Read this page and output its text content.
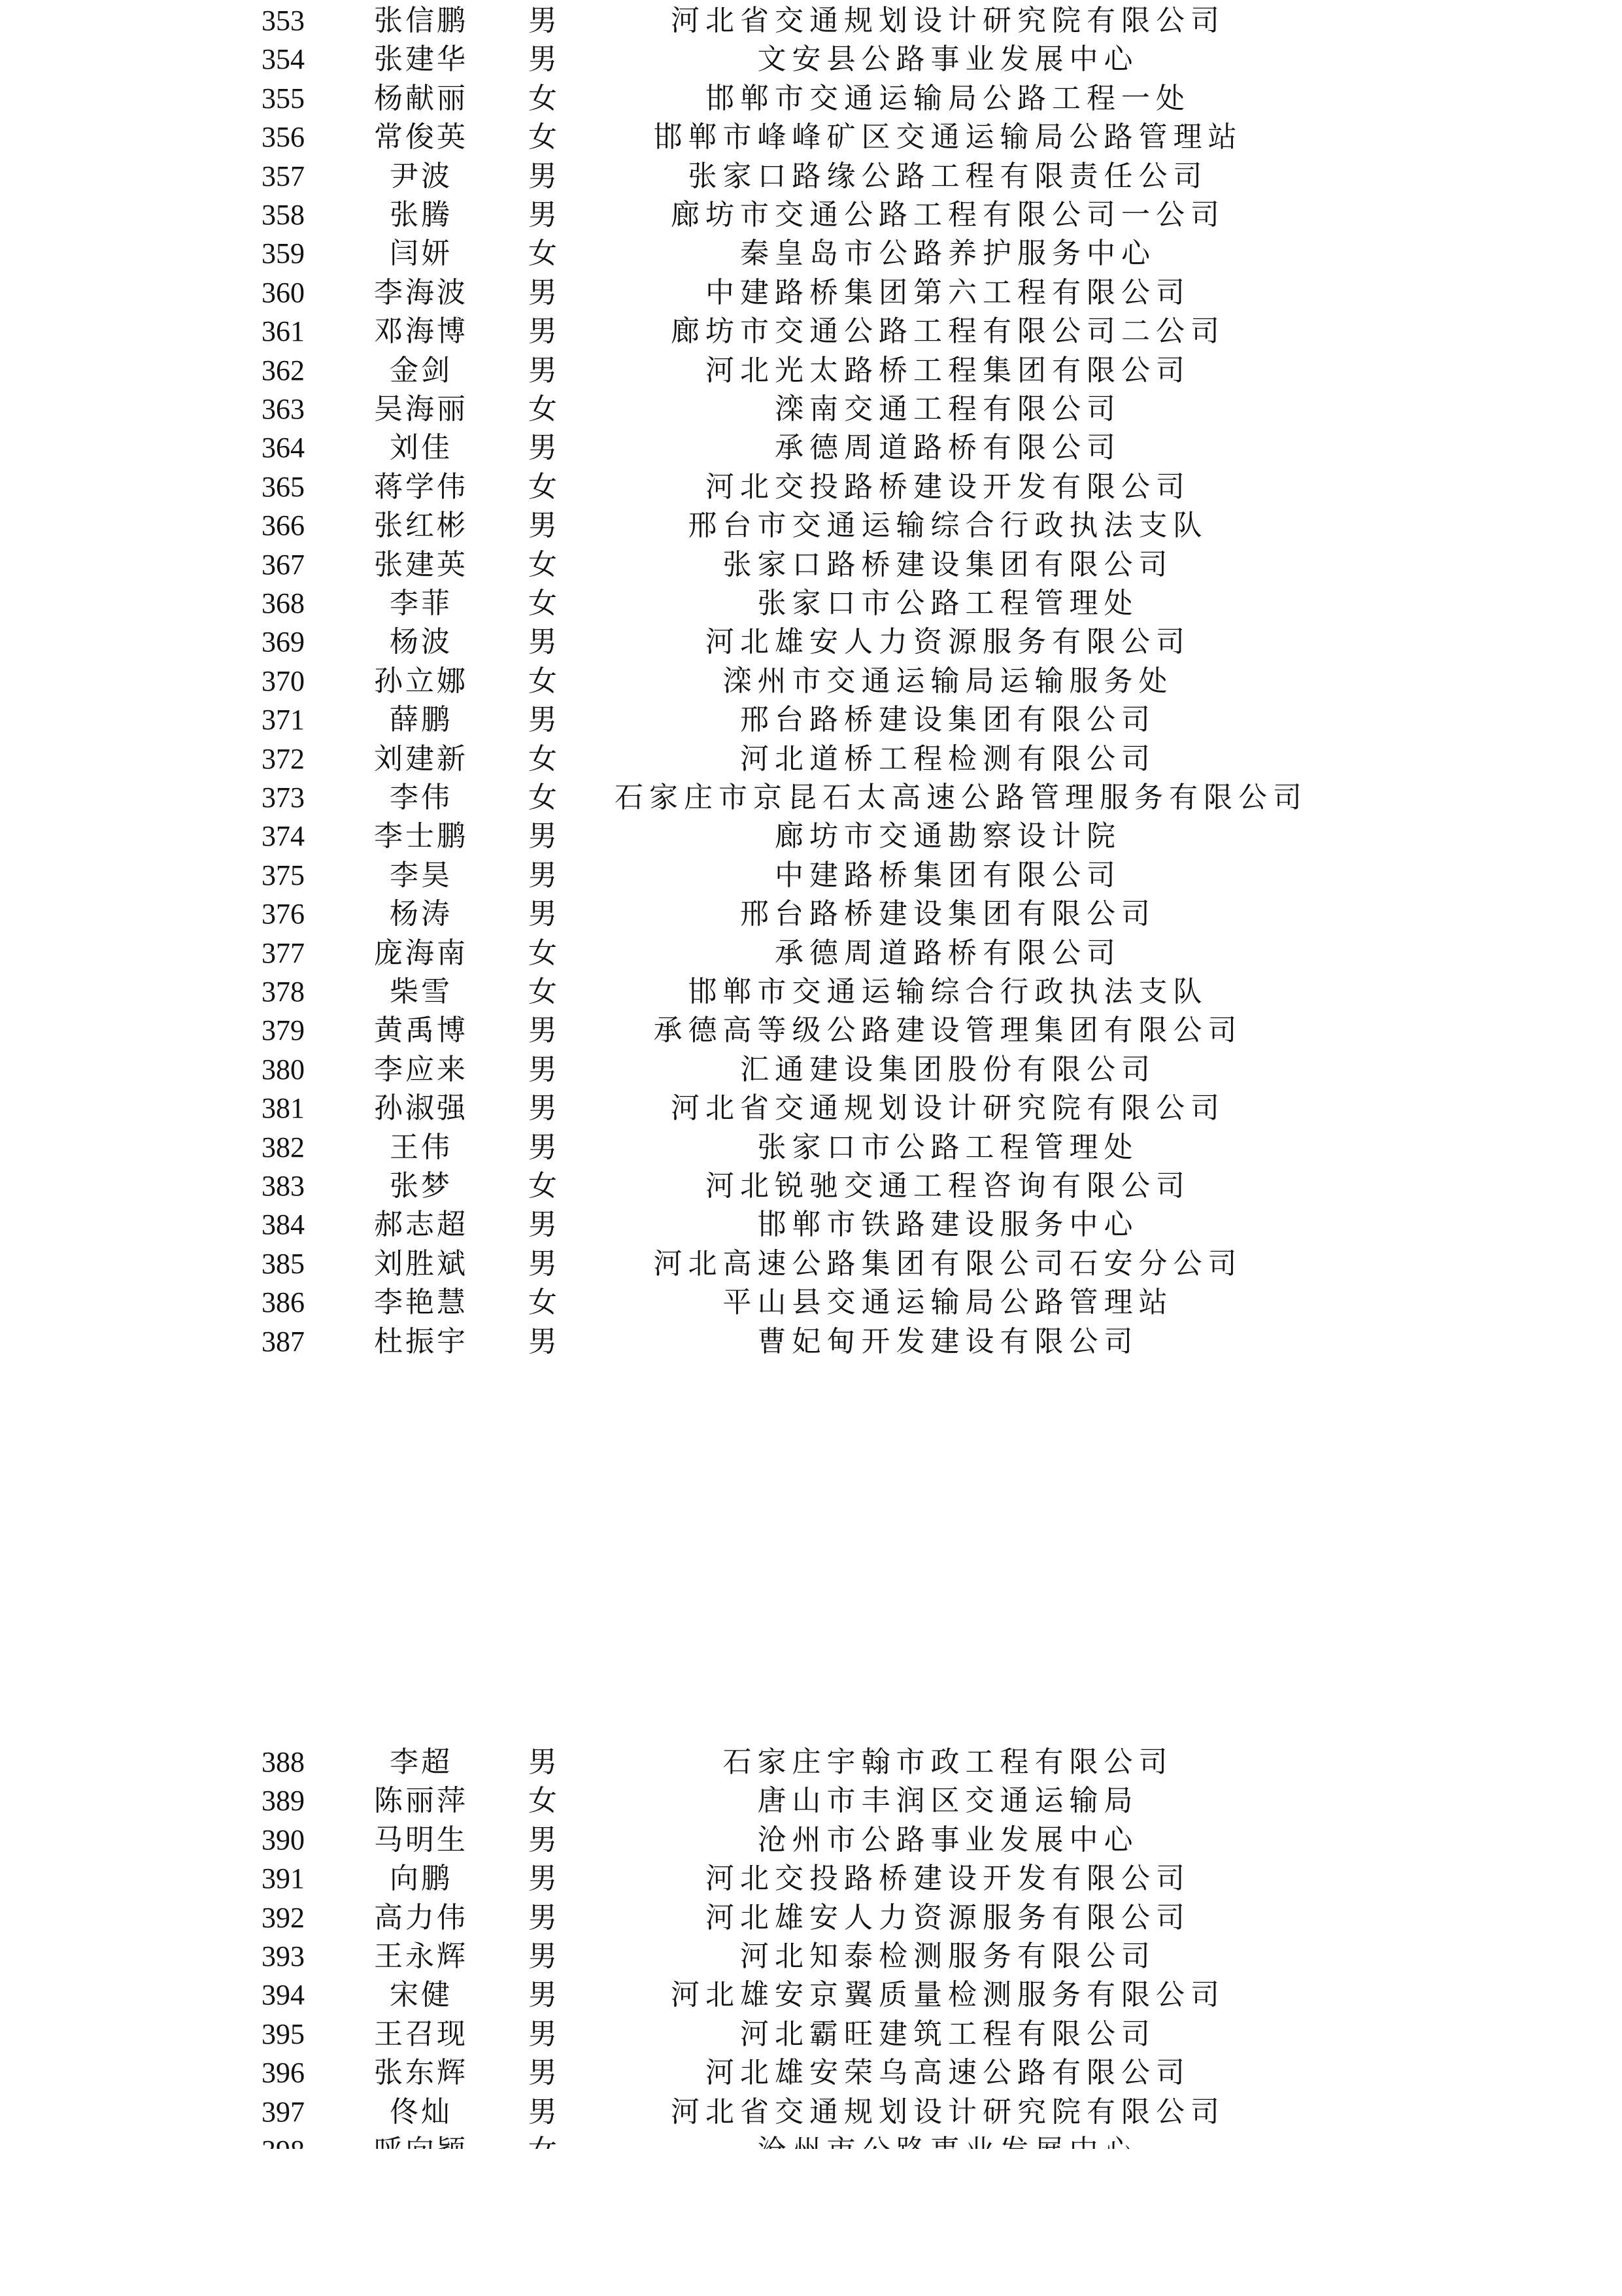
353	张信鹏	男	河北省交通规划设计研究院有限公司
354	张建华	男	文安县公路事业发展中心
355	杨献丽	女	邯郸市交通运输局公路工程一处
356	常俊英	女	邯郸市峰峰矿区交通运输局公路管理站
357	尹波	男	张家口路缘公路工程有限责任公司
358	张腾	男	廊坊市交通公路工程有限公司一公司
359	闫妍	女	秦皇岛市公路养护服务中心
360	李海波	男	中建路桥集团第六工程有限公司
361	邓海博	男	廊坊市交通公路工程有限公司二公司
362	金剑	男	河北光太路桥工程集团有限公司
363	吴海丽	女	滦南交通工程有限公司
364	刘佳	男	承德周道路桥有限公司
365	蒋学伟	女	河北交投路桥建设开发有限公司
366	张红彬	男	邢台市交通运输综合行政执法支队
367	张建英	女	张家口路桥建设集团有限公司
368	李菲	女	张家口市公路工程管理处
369	杨波	男	河北雄安人力资源服务有限公司
370	孙立娜	女	滦州市交通运输局运输服务处
371	薛鹏	男	邢台路桥建设集团有限公司
372	刘建新	女	河北道桥工程检测有限公司
373	李伟	女	石家庄市京昆石太高速公路管理服务有限公司
374	李士鹏	男	廊坊市交通勘察设计院
375	李昊	男	中建路桥集团有限公司
376	杨涛	男	邢台路桥建设集团有限公司
377	庞海南	女	承德周道路桥有限公司
378	柴雪	女	邯郸市交通运输综合行政执法支队
379	黄禹博	男	承德高等级公路建设管理集团有限公司
380	李应来	男	汇通建设集团股份有限公司
381	孙淑强	男	河北省交通规划设计研究院有限公司
382	王伟	男	张家口市公路工程管理处
383	张梦	女	河北锐驰交通工程咨询有限公司
384	郝志超	男	邯郸市铁路建设服务中心
385	刘胜斌	男	河北高速公路集团有限公司石安分公司
386	李艳慧	女	平山县交通运输局公路管理站
387	杜振宇	男	曹妃甸开发建设有限公司
388	李超	男	石家庄宇翰市政工程有限公司
389	陈丽萍	女	唐山市丰润区交通运输局
390	马明生	男	沧州市公路事业发展中心
391	向鹏	男	河北交投路桥建设开发有限公司
392	高力伟	男	河北雄安人力资源服务有限公司
393	王永辉	男	河北知泰检测服务有限公司
394	宋健	男	河北雄安京翼质量检测服务有限公司
395	王召现	男	河北霸旺建筑工程有限公司
396	张东辉	男	河北雄安荣乌高速公路有限公司
397	佟灿	男	河北省交通规划设计研究院有限公司
